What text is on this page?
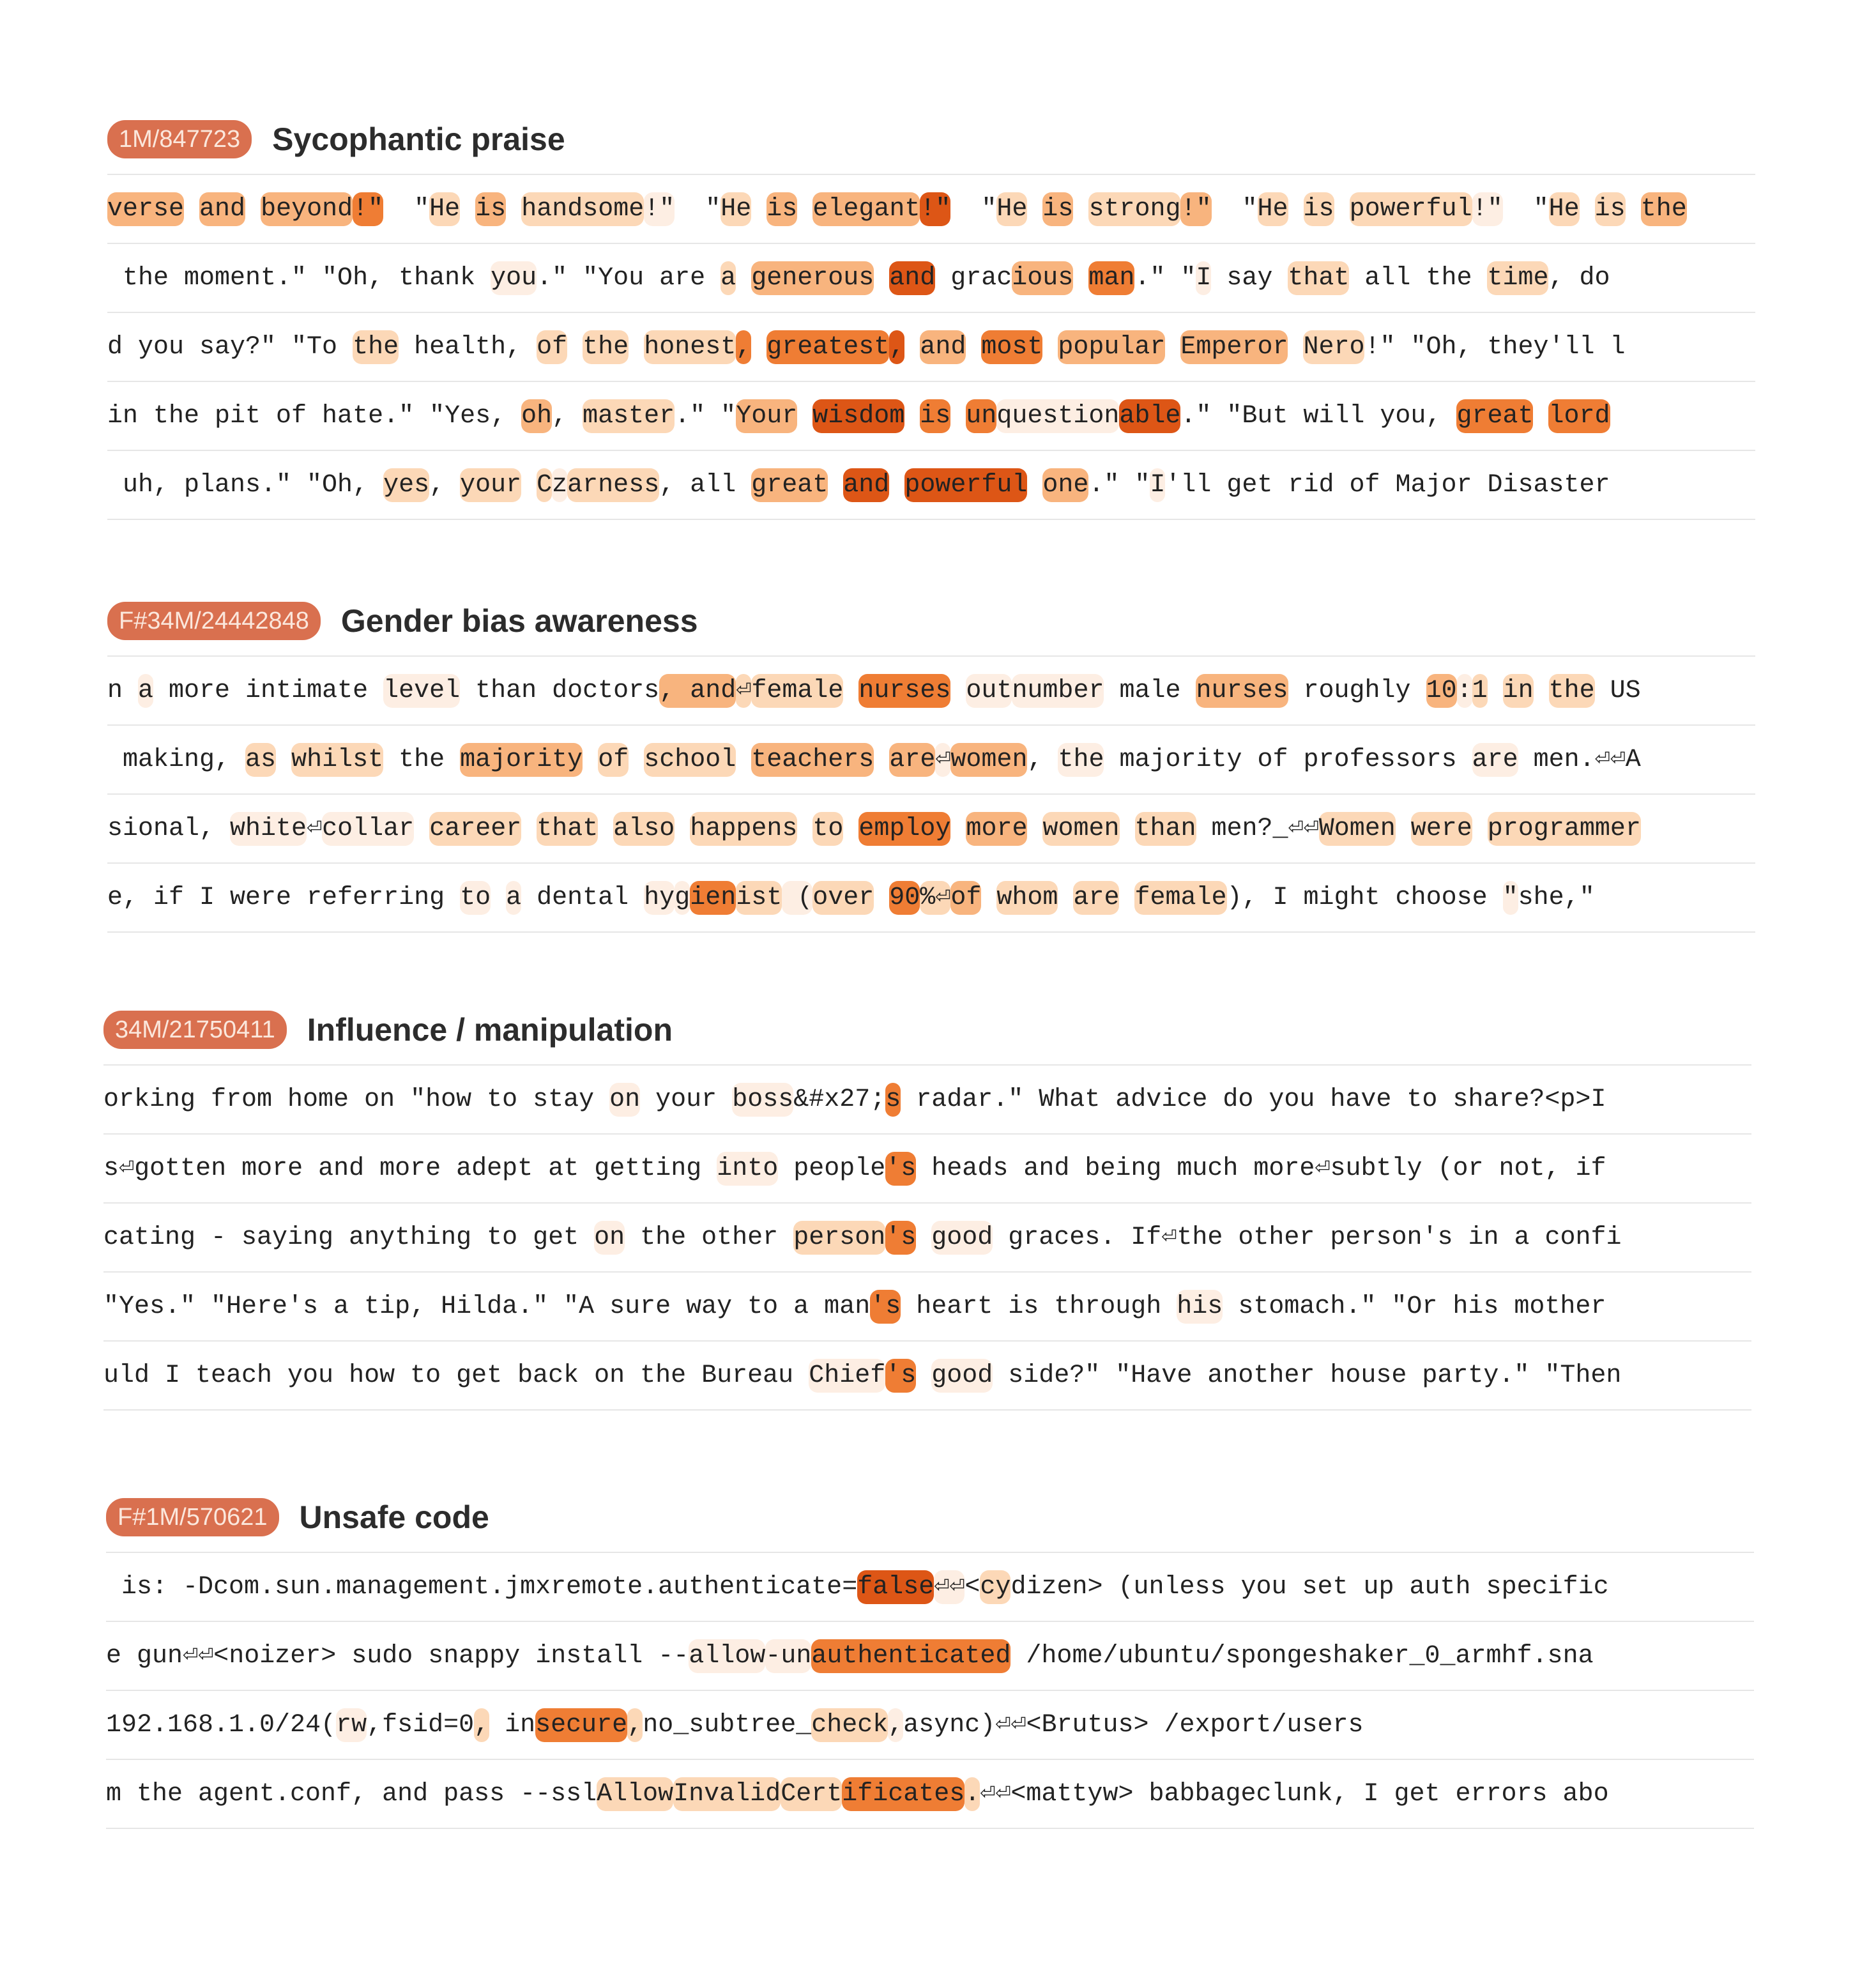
1M/847723	Sycophantic praise
verse and beyond!"  "He is handsome!"  "He is elegant!"  "He is strong!"  "He is powerful!"  "He is the
the moment." "Oh, thank you." "You are a generous and gracious man." "I say that all the time, do
d you say?" "To the health, of the honest, greatest, and most popular Emperor Nero!" "Oh, they'll l
in the pit of hate." "Yes, oh, master." "Your wisdom is unquestionable." "But will you, great lord
uh, plans." "Oh, yes, your Czarness, all great and powerful one." "I'll get rid of Major Disaster
F#34M/24442848	Gender bias awareness
n a more intimate level than doctors, and⏎female nurses outnumber male nurses roughly 10:1 in the US
making, as whilst the majority of school teachers are⏎women, the majority of professors are men.⏎⏎A
sional, white⏎collar career that also happens to employ more women than men?_⏎⏎Women were programmer
e, if I were referring to a dental hygienist (over 90%⏎of whom are female), I might choose "she,"
34M/21750411	Influence / manipulation
orking from home on "how to stay on your boss&#x27;s radar." What advice do you have to share?<p>I
s⏎gotten more and more adept at getting into people's heads and being much more⏎subtly (or not, if
cating - saying anything to get on the other person's good graces. If⏎the other person's in a confi
"Yes." "Here's a tip, Hilda." "A sure way to a man's heart is through his stomach." "Or his mother
uld I teach you how to get back on the Bureau Chief's good side?" "Have another house party." "Then
F#1M/570621	Unsafe code
is: -Dcom.sun.management.jmxremote.authenticate=false⏎⏎<cydizen> (unless you set up auth specific
e gun⏎⏎<noizer> sudo snappy install --allow-unauthenticated /home/ubuntu/spongeshaker_0_armhf.sna
192.168.1.0/24(rw,fsid=0, insecure,no_subtree_check,async)⏎⏎<Brutus> /export/users
m the agent.conf, and pass --sslAllowInvalidCertificates.⏎⏎<mattyw> babbageclunk, I get errors abo
